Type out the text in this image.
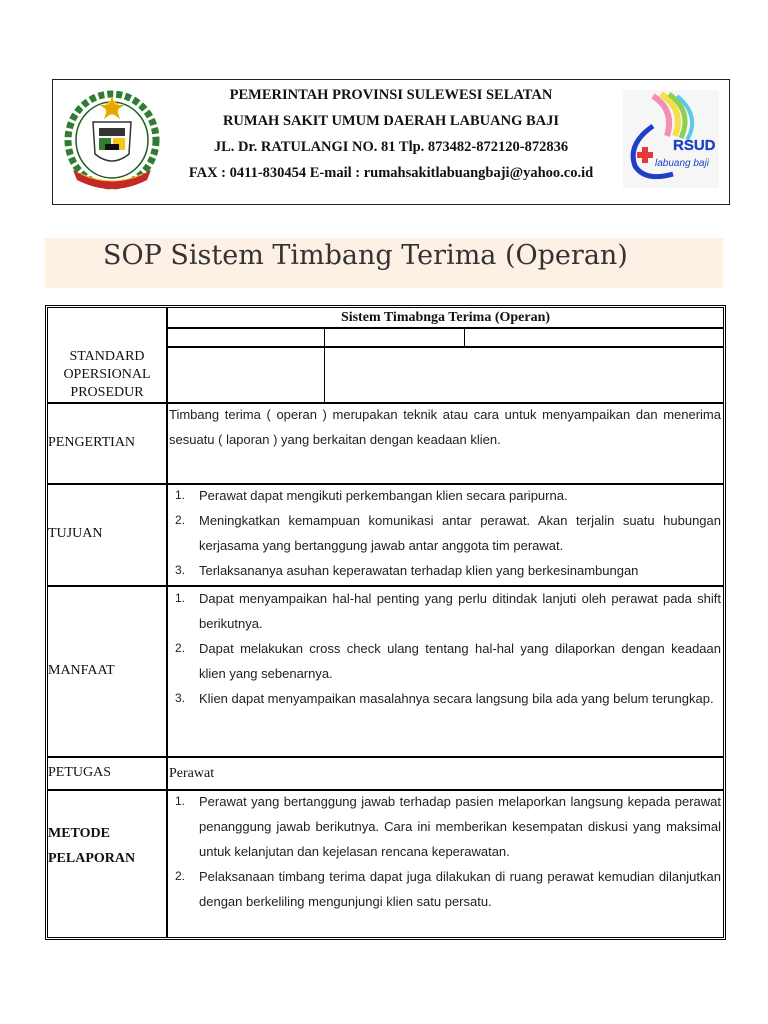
PEMERINTAH PROVINSI SULEWESI SELATAN
RUMAH SAKIT UMUM DAERAH LABUANG BAJI
JL. Dr. RATULANGI NO. 81 Tlp. 873482-872120-872836
FAX : 0411-830454 E-mail : rumahsakitlabuangbaji@yahoo.co.id
RSUD
labuang baji
SOP Sistem Timbang Terima (Operan)
Sistem Timabnga Terima (Operan)
STANDARD OPERSIONAL PROSEDUR
PENGERTIAN
Timbang terima ( operan ) merupakan teknik atau cara untuk menyampaikan dan menerima sesuatu ( laporan ) yang berkaitan dengan keadaan klien.
TUJUAN
1. Perawat dapat mengikuti perkembangan klien secara paripurna.
2. Meningkatkan kemampuan komunikasi antar perawat. Akan terjalin suatu hubungan kerjasama yang bertanggung jawab antar anggota tim perawat.
3. Terlaksananya asuhan keperawatan terhadap klien yang berkesinambungan
MANFAAT
1. Dapat menyampaikan hal-hal penting yang perlu ditindak lanjuti oleh perawat pada shift berikutnya.
2. Dapat melakukan cross check ulang tentang hal-hal yang dilaporkan dengan keadaan klien yang sebenarnya.
3. Klien dapat menyampaikan masalahnya secara langsung bila ada yang belum terungkap.
PETUGAS	Perawat
METODE
PELAPORAN
1. Perawat yang bertanggung jawab terhadap pasien melaporkan langsung kepada perawat penanggung jawab berikutnya. Cara ini memberikan kesempatan diskusi yang maksimal untuk kelanjutan dan kejelasan rencana keperawatan.
2. Pelaksanaan timbang terima dapat juga dilakukan di ruang perawat kemudian dilanjutkan dengan berkeliling mengunjungi klien satu persatu.
